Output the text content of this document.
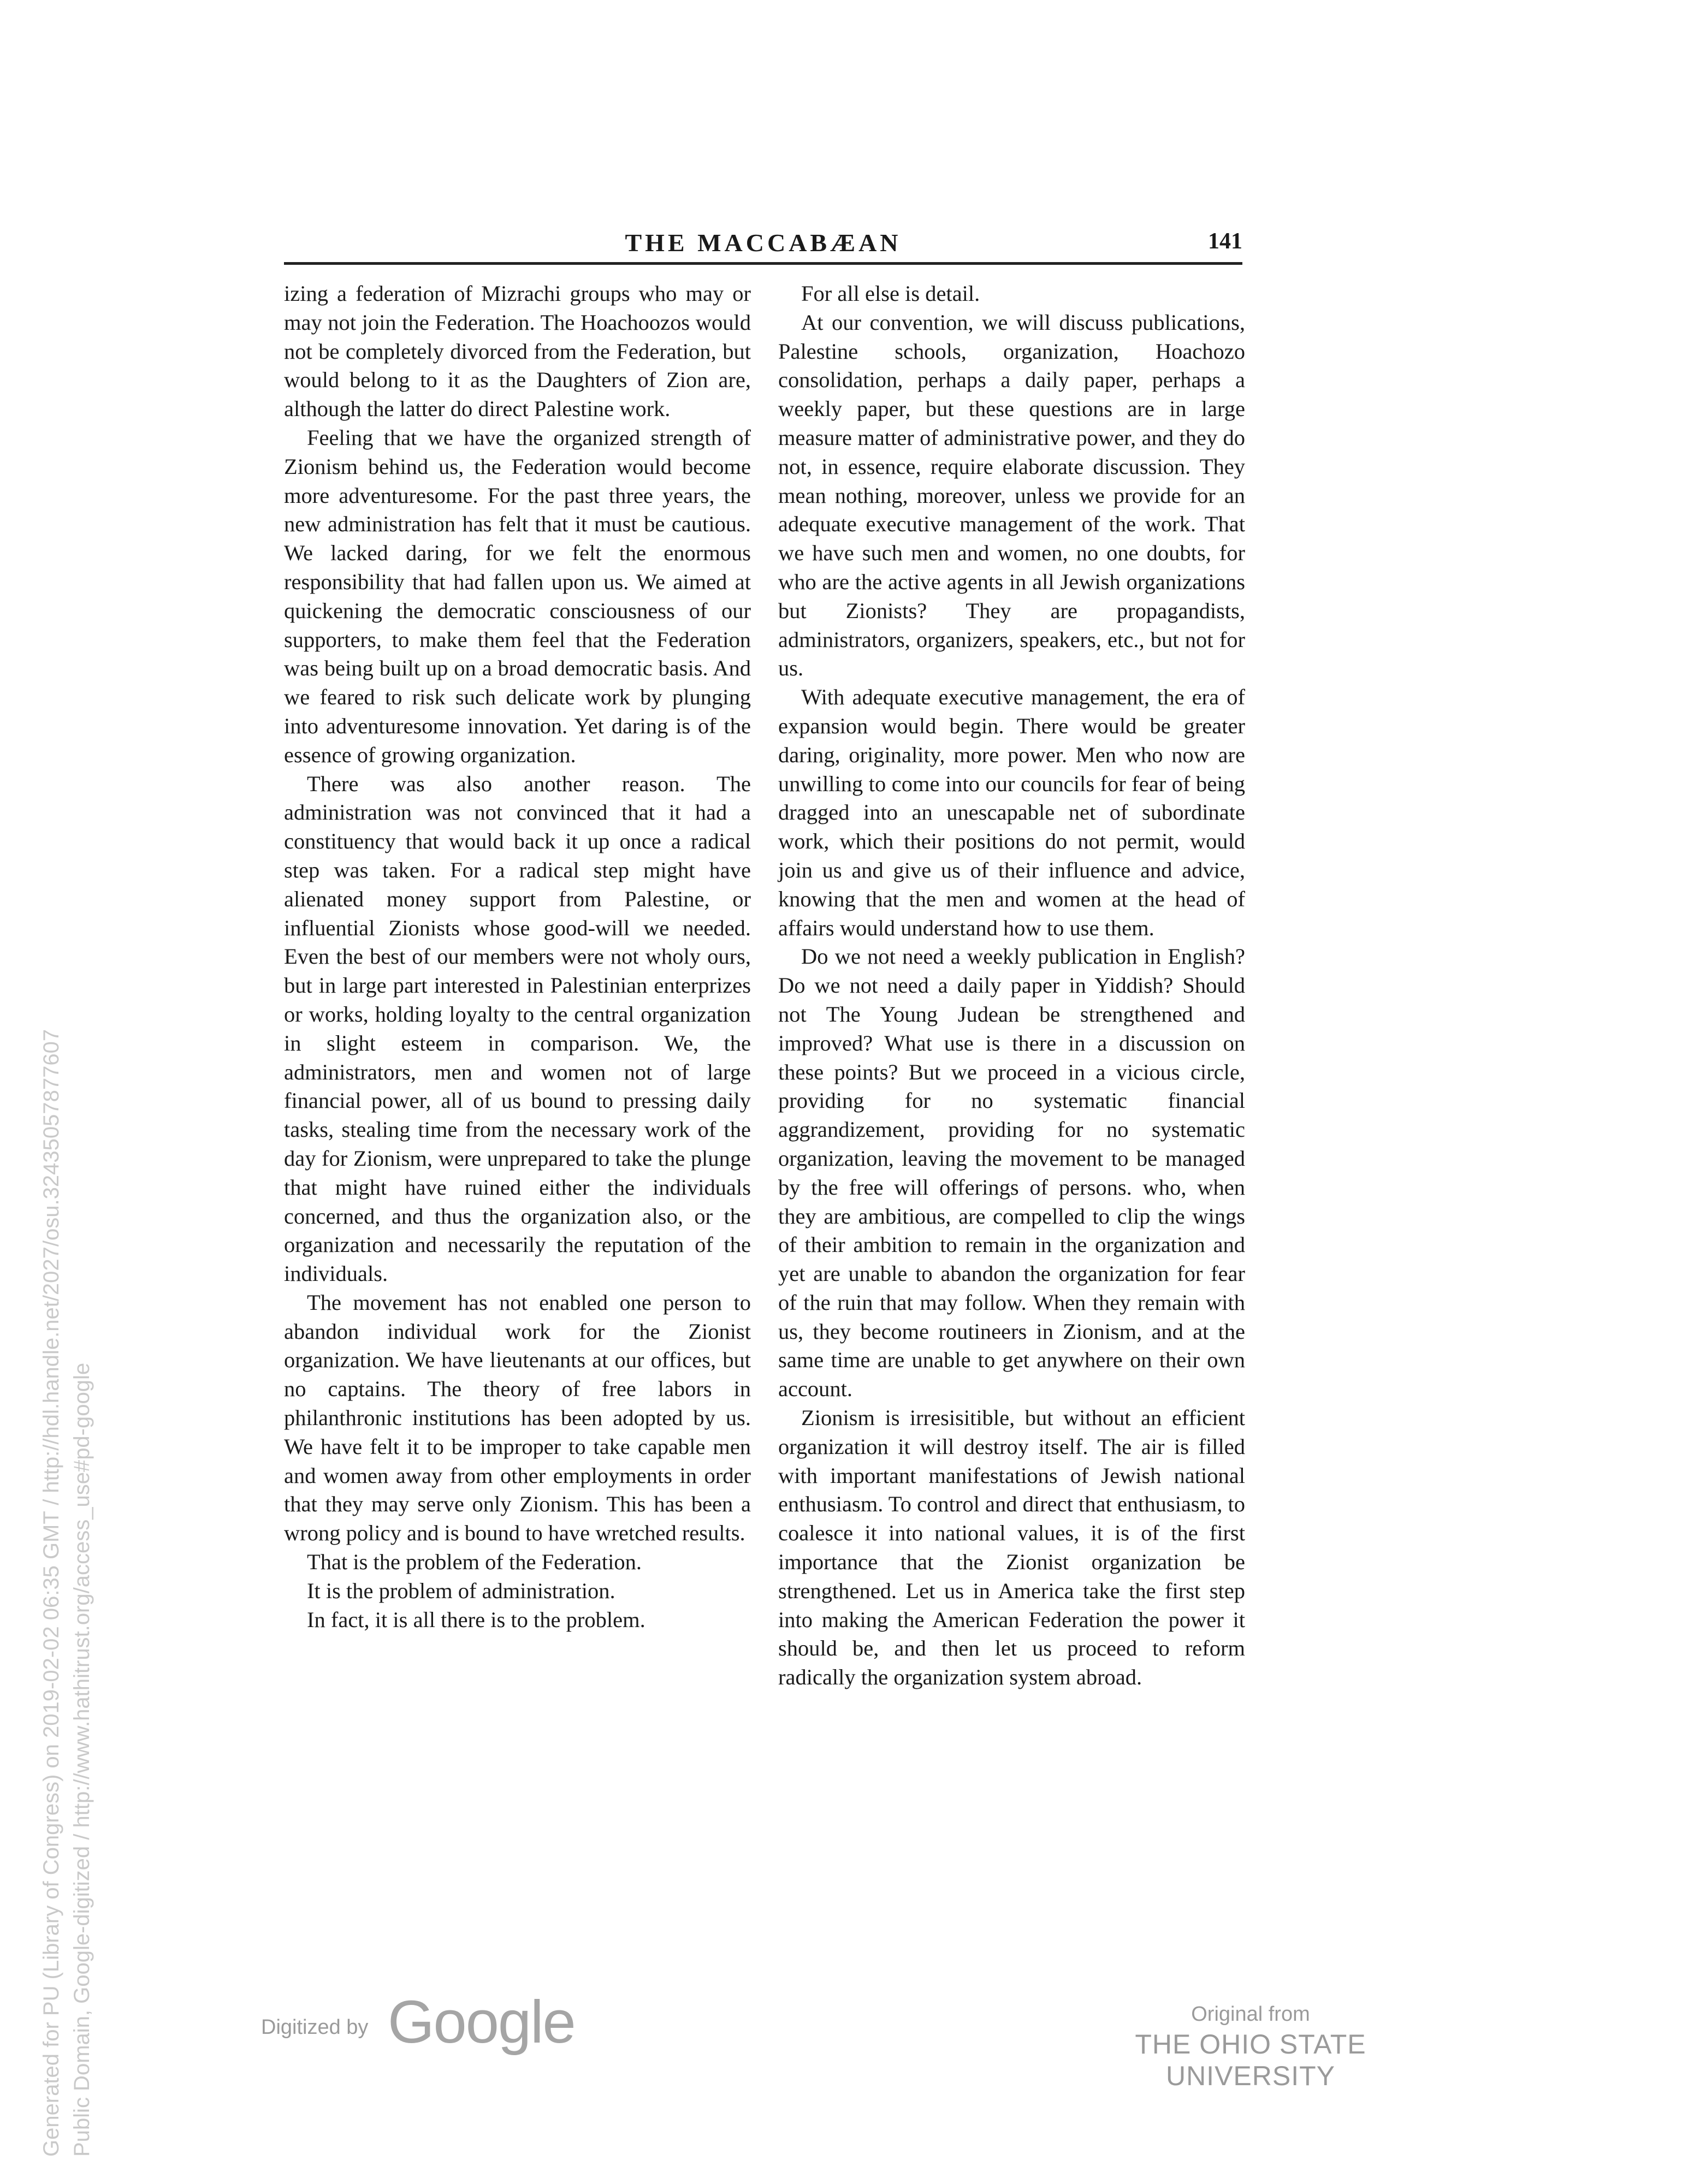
THE MACCABÆAN	141

izing a federation of Mizrachi groups who may or may not join the Federation. The Hoachoozos would not be completely divorced from the Federation, but would belong to it as the Daughters of Zion are, although the latter do direct Palestine work.

Feeling that we have the organized strength of Zionism behind us, the Federation would become more adventuresome. For the past three years, the new administration has felt that it must be cautious. We lacked daring, for we felt the enormous responsibility that had fallen upon us. We aimed at quickening the democratic consciousness of our supporters, to make them feel that the Federation was being built up on a broad democratic basis. And we feared to risk such delicate work by plunging into adventuresome innovation. Yet daring is of the essence of growing organization.

There was also another reason. The administration was not convinced that it had a constituency that would back it up once a radical step was taken. For a radical step might have alienated money support from Palestine, or influential Zionists whose good-will we needed. Even the best of our members were not wholy ours, but in large part interested in Palestinian enterprizes or works, holding loyalty to the central organization in slight esteem in comparison. We, the administrators, men and women not of large financial power, all of us bound to pressing daily tasks, stealing time from the necessary work of the day for Zionism, were unprepared to take the plunge that might have ruined either the individuals concerned, and thus the organization also, or the organization and necessarily the reputation of the individuals.

The movement has not enabled one person to abandon individual work for the Zionist organization. We have lieutenants at our offices, but no captains. The theory of free labors in philanthronic institutions has been adopted by us. We have felt it to be improper to take capable men and women away from other employments in order that they may serve only Zionism. This has been a wrong policy and is bound to have wretched results.

That is the problem of the Federation.

It is the problem of administration.

In fact, it is all there is to the problem.

For all else is detail.

At our convention, we will discuss publications, Palestine schools, organization, Hoachozo consolidation, perhaps a daily paper, perhaps a weekly paper, but these questions are in large measure matter of administrative power, and they do not, in essence, require elaborate discussion. They mean nothing, moreover, unless we provide for an adequate executive management of the work. That we have such men and women, no one doubts, for who are the active agents in all Jewish organizations but Zionists? They are propagandists, administrators, organizers, speakers, etc., but not for us.

With adequate executive management, the era of expansion would begin. There would be greater daring, originality, more power. Men who now are unwilling to come into our councils for fear of being dragged into an unescapable net of subordinate work, which their positions do not permit, would join us and give us of their influence and advice, knowing that the men and women at the head of affairs would understand how to use them.

Do we not need a weekly publication in English? Do we not need a daily paper in Yiddish? Should not The Young Judean be strengthened and improved? What use is there in a discussion on these points? But we proceed in a vicious circle, providing for no systematic financial aggrandizement, providing for no systematic organization, leaving the movement to be managed by the free will offerings of persons. who, when they are ambitious, are compelled to clip the wings of their ambition to remain in the organization and yet are unable to abandon the organization for fear of the ruin that may follow. When they remain with us, they become routineers in Zionism, and at the same time are unable to get anywhere on their own account.

Zionism is irresisitible, but without an efficient organization it will destroy itself. The air is filled with important manifestations of Jewish national enthusiasm. To control and direct that enthusiasm, to coalesce it into national values, it is of the first importance that the Zionist organization be strengthened. Let us in America take the first step into making the American Federation the power it should be, and then let us proceed to reform radically the organization system abroad.

Generated for PU (Library of Congress) on 2019-02-02 06:35 GMT / http://hdl.handle.net/2027/osu.32435057877607 Public Domain, Google-digitized / http://www.hathitrust.org/access_use#pd-google	Digitized by Google	Original from
THE OHIO STATE UNIVERSITY
